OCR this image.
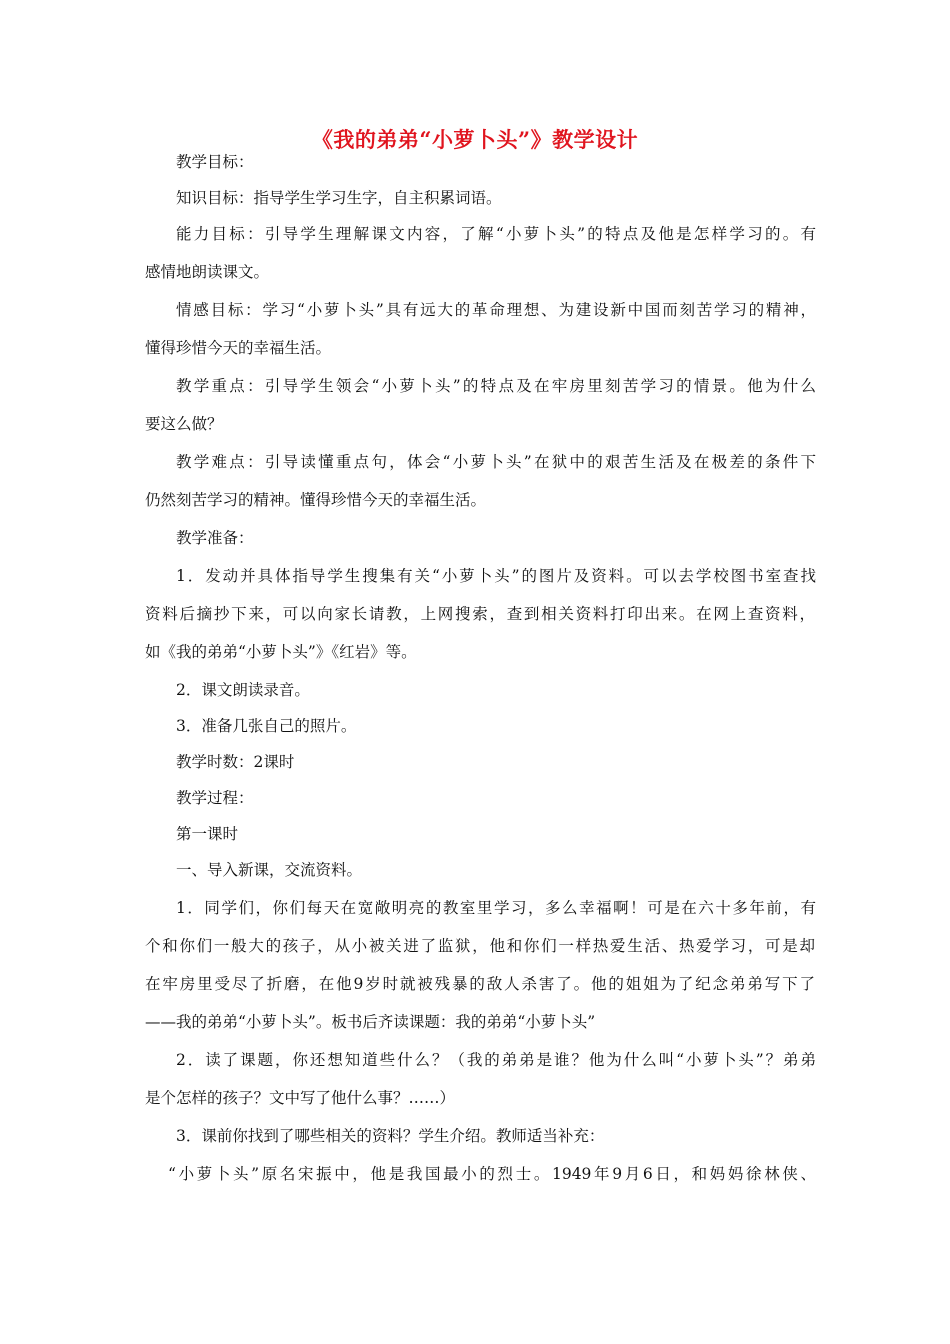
《我的弟弟“小萝卜头”》教学设计
教学目标：
知识目标：指导学生学习生字，自主积累词语。
能力目标：引导学生理解课文内容，了解“小萝卜头”的特点及他是怎样学习的。有
感情地朗读课文。
情感目标：学习“小萝卜头”具有远大的革命理想、为建设新中国而刻苦学习的精神，
懂得珍惜今天的幸福生活。
教学重点：引导学生领会“小萝卜头”的特点及在牢房里刻苦学习的情景。他为什么
要这么做？
教学难点：引导读懂重点句，体会“小萝卜头”在狱中的艰苦生活及在极差的条件下
仍然刻苦学习的精神。懂得珍惜今天的幸福生活。
教学准备：
1．发动并具体指导学生搜集有关“小萝卜头”的图片及资料。可以去学校图书室查找
资料后摘抄下来，可以向家长请教，上网搜索，查到相关资料打印出来。在网上查资料，
如《我的弟弟“小萝卜头”》《红岩》等。
2．课文朗读录音。
3．准备几张自己的照片。
教学时数：2课时
教学过程：
第一课时
一、导入新课，交流资料。
1．同学们，你们每天在宽敞明亮的教室里学习，多么幸福啊！可是在六十多年前，有
个和你们一般大的孩子，从小被关进了监狱，他和你们一样热爱生活、热爱学习，可是却
在牢房里受尽了折磨，在他9岁时就被残暴的敌人杀害了。他的姐姐为了纪念弟弟写下了
——我的弟弟“小萝卜头”。板书后齐读课题：我的弟弟“小萝卜头”
2．读了课题，你还想知道些什么？（我的弟弟是谁？他为什么叫“小萝卜头”？弟弟
是个怎样的孩子？文中写了他什么事？……）
3．课前你找到了哪些相关的资料？学生介绍。教师适当补充：
“小萝卜头”原名宋振中，他是我国最小的烈士。1949年9月6日，和妈妈徐林侠、
